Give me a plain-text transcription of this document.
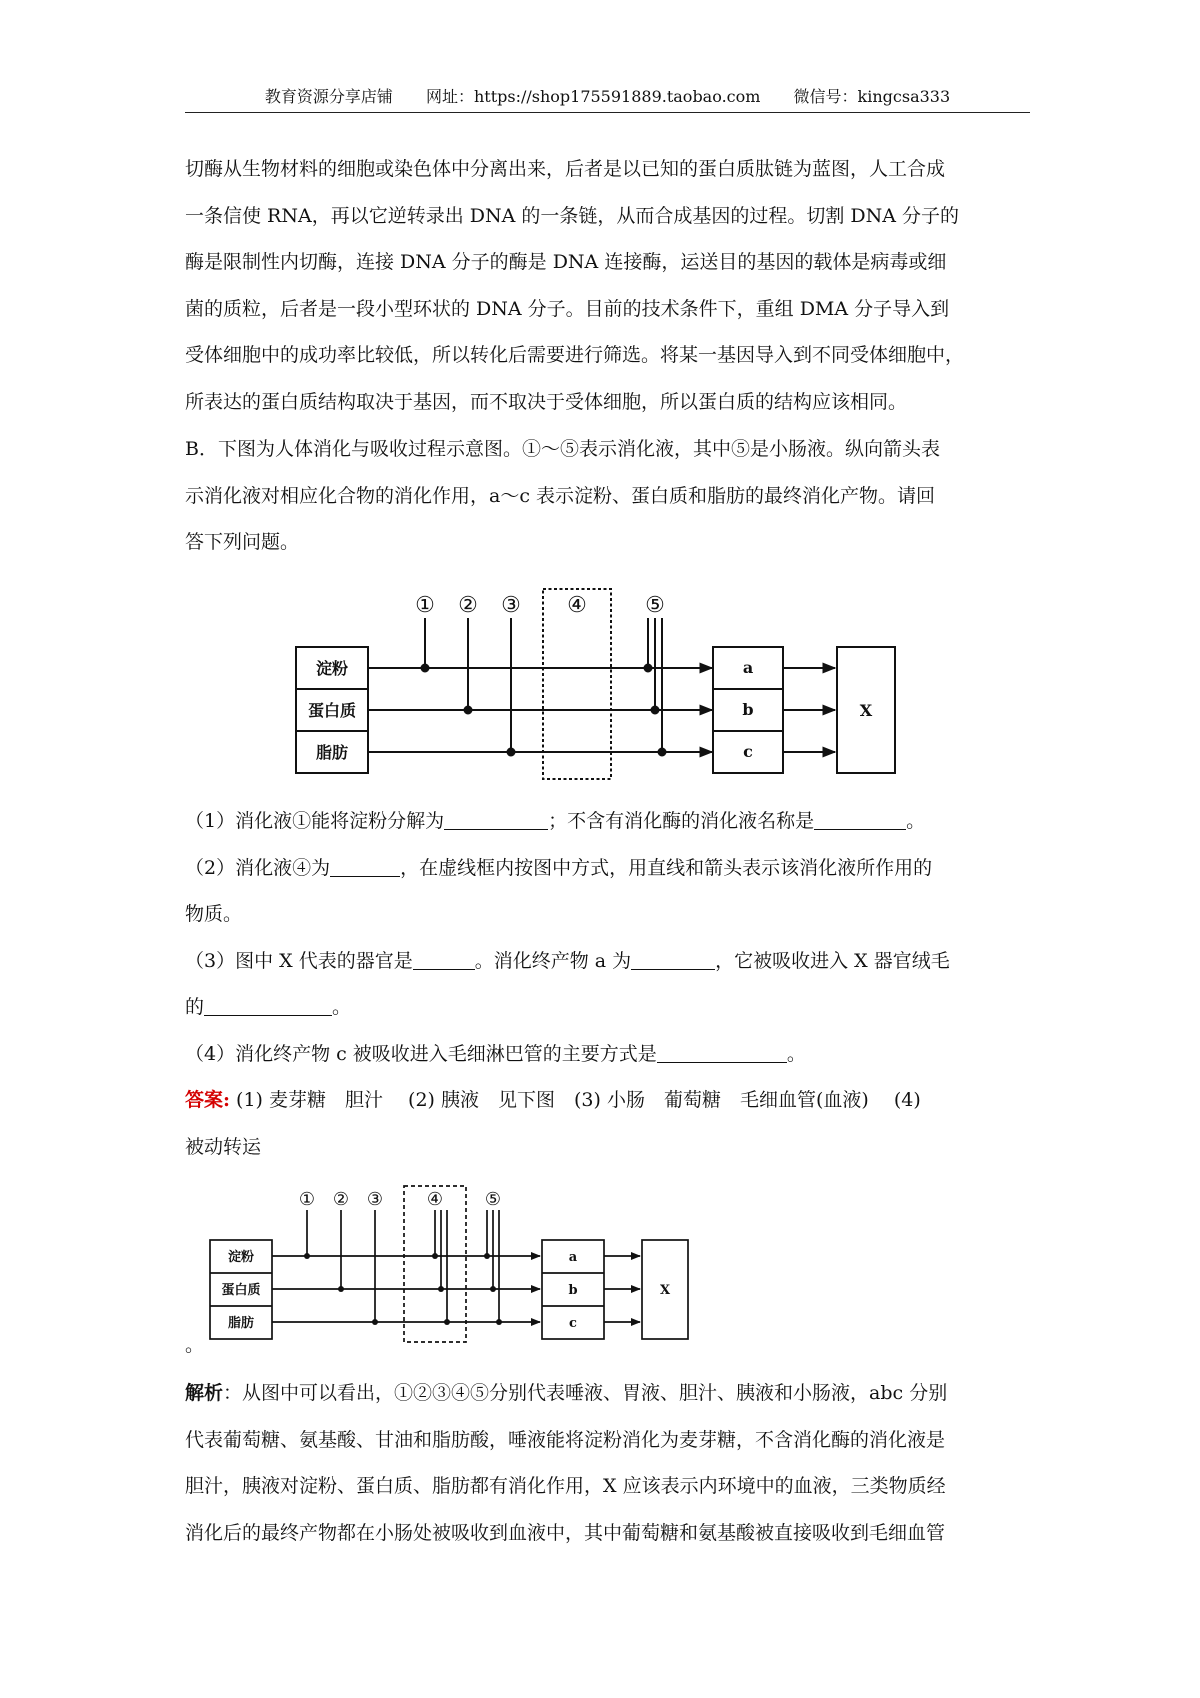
教育资源分享店铺 网址：https://shop175591889.taobao.com 微信号：kingcsa333
切酶从生物材料的细胞或染色体中分离出来，后者是以已知的蛋白质肽链为蓝图，人工合成
一条信使 RNA，再以它逆转录出 DNA 的一条链，从而合成基因的过程。切割 DNA 分子的
酶是限制性内切酶，连接 DNA 分子的酶是 DNA 连接酶，运送目的基因的载体是病毒或细
菌的质粒，后者是一段小型环状的 DNA 分子。目前的技术条件下，重组 DMA 分子导入到
受体细胞中的成功率比较低，所以转化后需要进行筛选。将某一基因导入到不同受体细胞中，
所表达的蛋白质结构取决于基因，而不取决于受体细胞，所以蛋白质的结构应该相同。
B．下图为人体消化与吸收过程示意图。①～⑤表示消化液，其中⑤是小肠液。纵向箭头表
示消化液对相应化合物的消化作用，a～c 表示淀粉、蛋白质和脂肪的最终消化产物。请回
答下列问题。
① ② ③ ④	⑤
淀粉
蛋白质
脂肪
a
b
c
X
（1）消化液①能将淀粉分解为	；不含有消化酶的消化液名称是	。
（2）消化液④为	，在虚线框内按图中方式，用直线和箭头表示该消化液所作用的
物质。
（3）图中 X 代表的器官是	。消化终产物 a 为	，它被吸收进入 X 器官绒毛
的	。
（4）消化终产物 c 被吸收进入毛细淋巴管的主要方式是	。
答案: (1) 麦芽糖　胆汁　 (2) 胰液　见下图　(3) 小肠　葡萄糖　毛细血管(血液)　 (4)
被动转运
① ② ③ ④ ⑤
淀粉
蛋白质
脂肪
a
b
c
X
。
解析：从图中可以看出，①②③④⑤分别代表唾液、胃液、胆汁、胰液和小肠液，abc 分别
代表葡萄糖、氨基酸、甘油和脂肪酸，唾液能将淀粉消化为麦芽糖，不含消化酶的消化液是
胆汁，胰液对淀粉、蛋白质、脂肪都有消化作用，X 应该表示内环境中的血液，三类物质经
消化后的最终产物都在小肠处被吸收到血液中，其中葡萄糖和氨基酸被直接吸收到毛细血管
